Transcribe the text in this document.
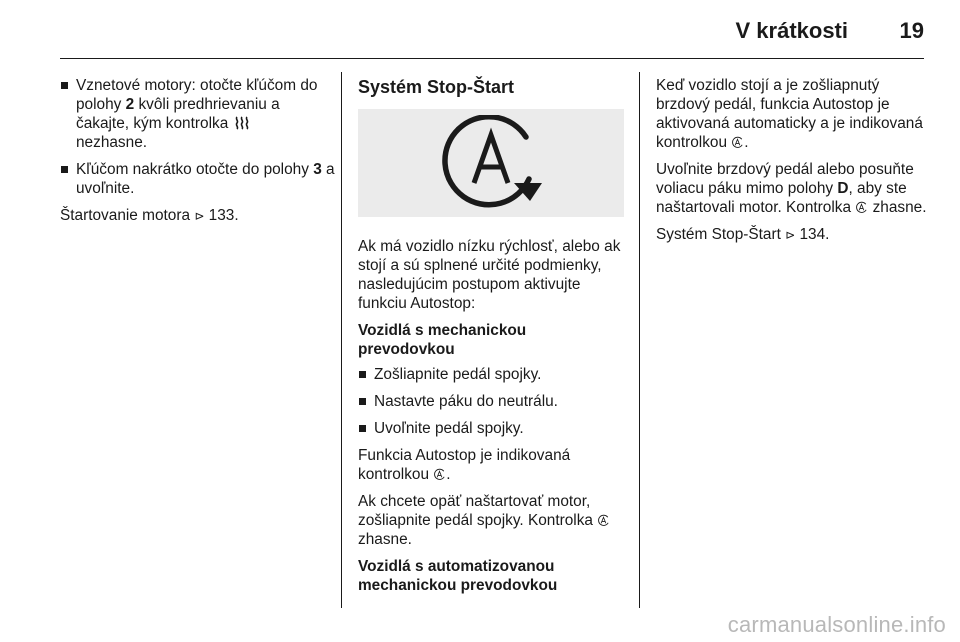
V krátkosti 19
Vznetové motory: otočte kľúčom do polohy 2 kvôli predhrievaniu a čakajte, kým kontrolka
nezhasne.
Kľúčom nakrátko otočte do polohy 3 a uvoľnite.

Štartovanie motora ⊳ 133.

Systém Stop-Štart

Ak má vozidlo nízku rýchlosť, alebo ak stojí a sú splnené určité podmienky, nasledujúcim postupom aktivujte funkciu Autostop:

Vozidlá s mechanickou prevodovkou

Zošliapnite pedál spojky.
Nastavte páku do neutrálu.
Uvoľnite pedál spojky.

Funkcia Autostop je indikovaná kontrolkou .

Ak chcete opäť naštartovať motor, zošliapnite pedál spojky. Kontrolka  zhasne.

Vozidlá s automatizovanou mechanickou prevodovkou

Keď vozidlo stojí a je zošliapnutý brzdový pedál, funkcia Autostop je aktivovaná automaticky a je indikovaná kontrolkou .

Uvoľnite brzdový pedál alebo posuňte voliacu páku mimo polohy D, aby ste naštartovali motor. Kontrolka  zhasne.

Systém Stop-Štart ⊳ 134.

carmanualsonline.info
